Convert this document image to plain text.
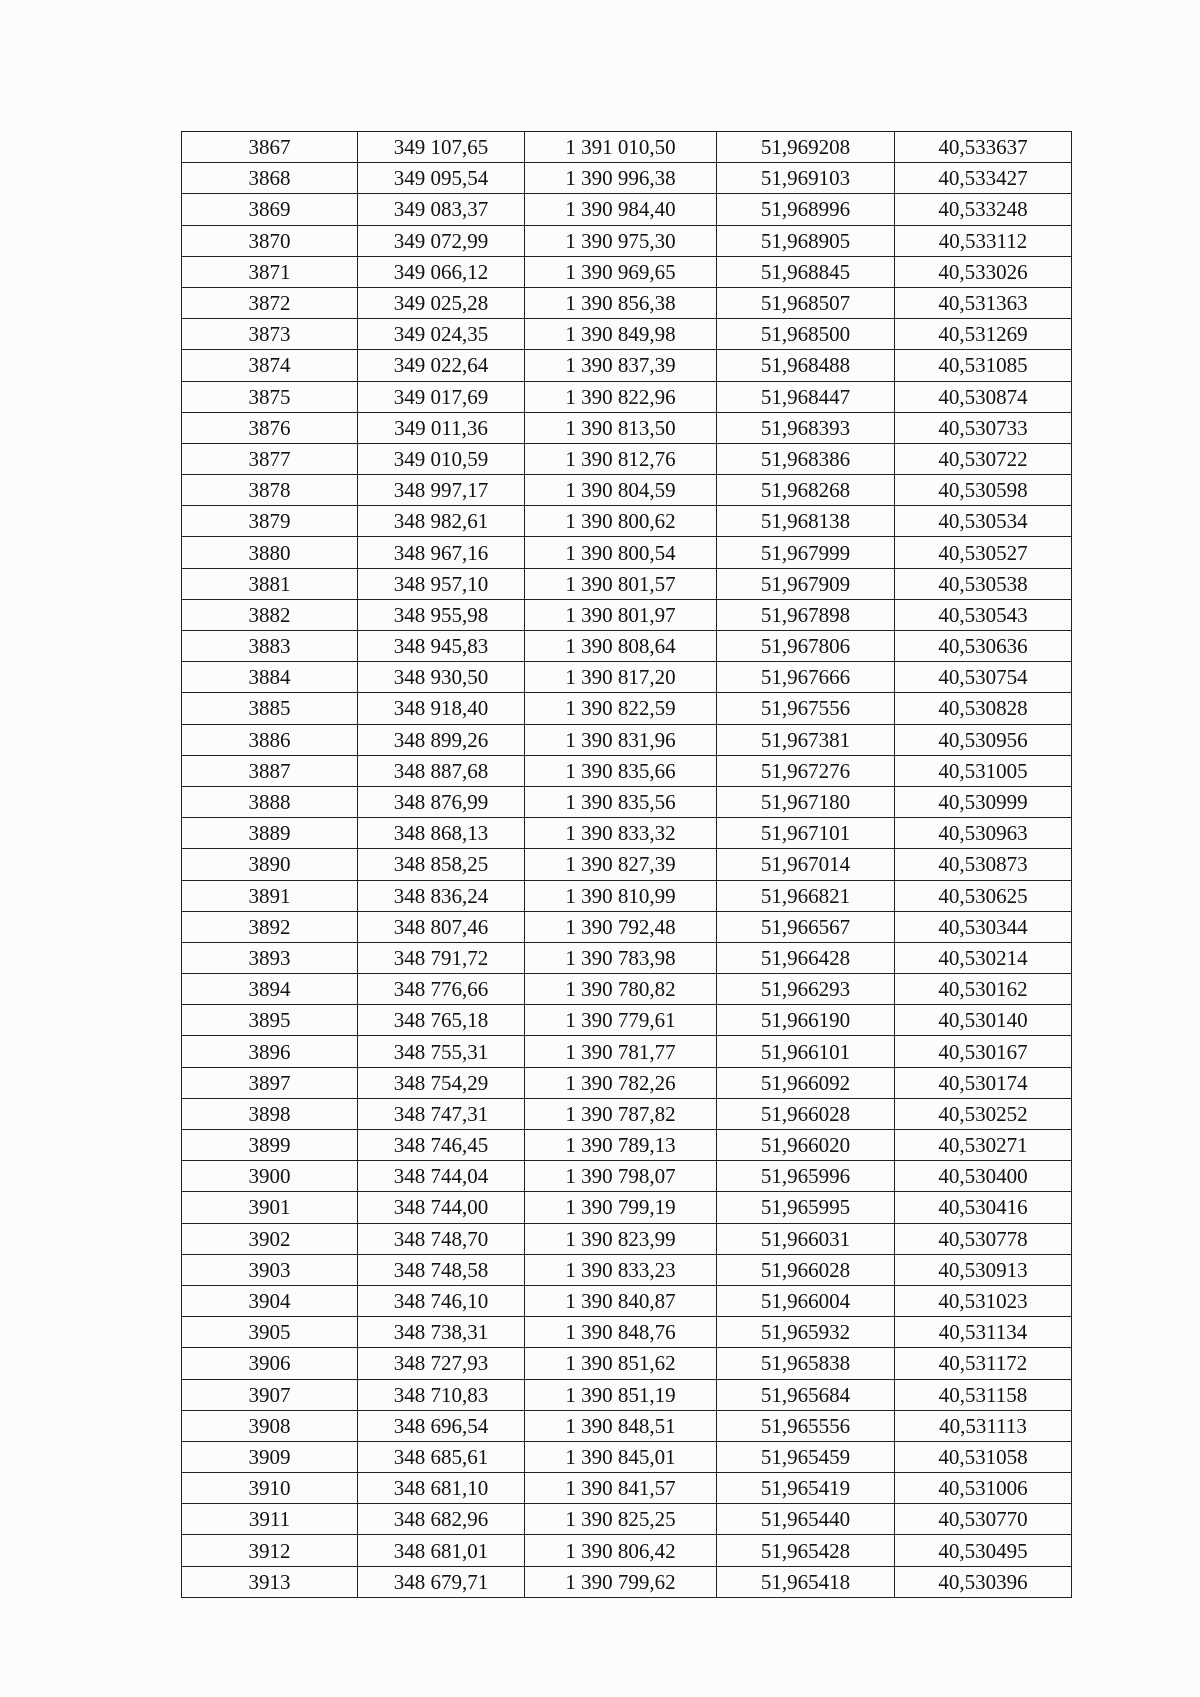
3867	349 107,65	1 391 010,50	51,969208	40,533637
3868	349 095,54	1 390 996,38	51,969103	40,533427
3869	349 083,37	1 390 984,40	51,968996	40,533248
3870	349 072,99	1 390 975,30	51,968905	40,533112
3871	349 066,12	1 390 969,65	51,968845	40,533026
3872	349 025,28	1 390 856,38	51,968507	40,531363
3873	349 024,35	1 390 849,98	51,968500	40,531269
3874	349 022,64	1 390 837,39	51,968488	40,531085
3875	349 017,69	1 390 822,96	51,968447	40,530874
3876	349 011,36	1 390 813,50	51,968393	40,530733
3877	349 010,59	1 390 812,76	51,968386	40,530722
3878	348 997,17	1 390 804,59	51,968268	40,530598
3879	348 982,61	1 390 800,62	51,968138	40,530534
3880	348 967,16	1 390 800,54	51,967999	40,530527
3881	348 957,10	1 390 801,57	51,967909	40,530538
3882	348 955,98	1 390 801,97	51,967898	40,530543
3883	348 945,83	1 390 808,64	51,967806	40,530636
3884	348 930,50	1 390 817,20	51,967666	40,530754
3885	348 918,40	1 390 822,59	51,967556	40,530828
3886	348 899,26	1 390 831,96	51,967381	40,530956
3887	348 887,68	1 390 835,66	51,967276	40,531005
3888	348 876,99	1 390 835,56	51,967180	40,530999
3889	348 868,13	1 390 833,32	51,967101	40,530963
3890	348 858,25	1 390 827,39	51,967014	40,530873
3891	348 836,24	1 390 810,99	51,966821	40,530625
3892	348 807,46	1 390 792,48	51,966567	40,530344
3893	348 791,72	1 390 783,98	51,966428	40,530214
3894	348 776,66	1 390 780,82	51,966293	40,530162
3895	348 765,18	1 390 779,61	51,966190	40,530140
3896	348 755,31	1 390 781,77	51,966101	40,530167
3897	348 754,29	1 390 782,26	51,966092	40,530174
3898	348 747,31	1 390 787,82	51,966028	40,530252
3899	348 746,45	1 390 789,13	51,966020	40,530271
3900	348 744,04	1 390 798,07	51,965996	40,530400
3901	348 744,00	1 390 799,19	51,965995	40,530416
3902	348 748,70	1 390 823,99	51,966031	40,530778
3903	348 748,58	1 390 833,23	51,966028	40,530913
3904	348 746,10	1 390 840,87	51,966004	40,531023
3905	348 738,31	1 390 848,76	51,965932	40,531134
3906	348 727,93	1 390 851,62	51,965838	40,531172
3907	348 710,83	1 390 851,19	51,965684	40,531158
3908	348 696,54	1 390 848,51	51,965556	40,531113
3909	348 685,61	1 390 845,01	51,965459	40,531058
3910	348 681,10	1 390 841,57	51,965419	40,531006
3911	348 682,96	1 390 825,25	51,965440	40,530770
3912	348 681,01	1 390 806,42	51,965428	40,530495
3913	348 679,71	1 390 799,62	51,965418	40,530396
